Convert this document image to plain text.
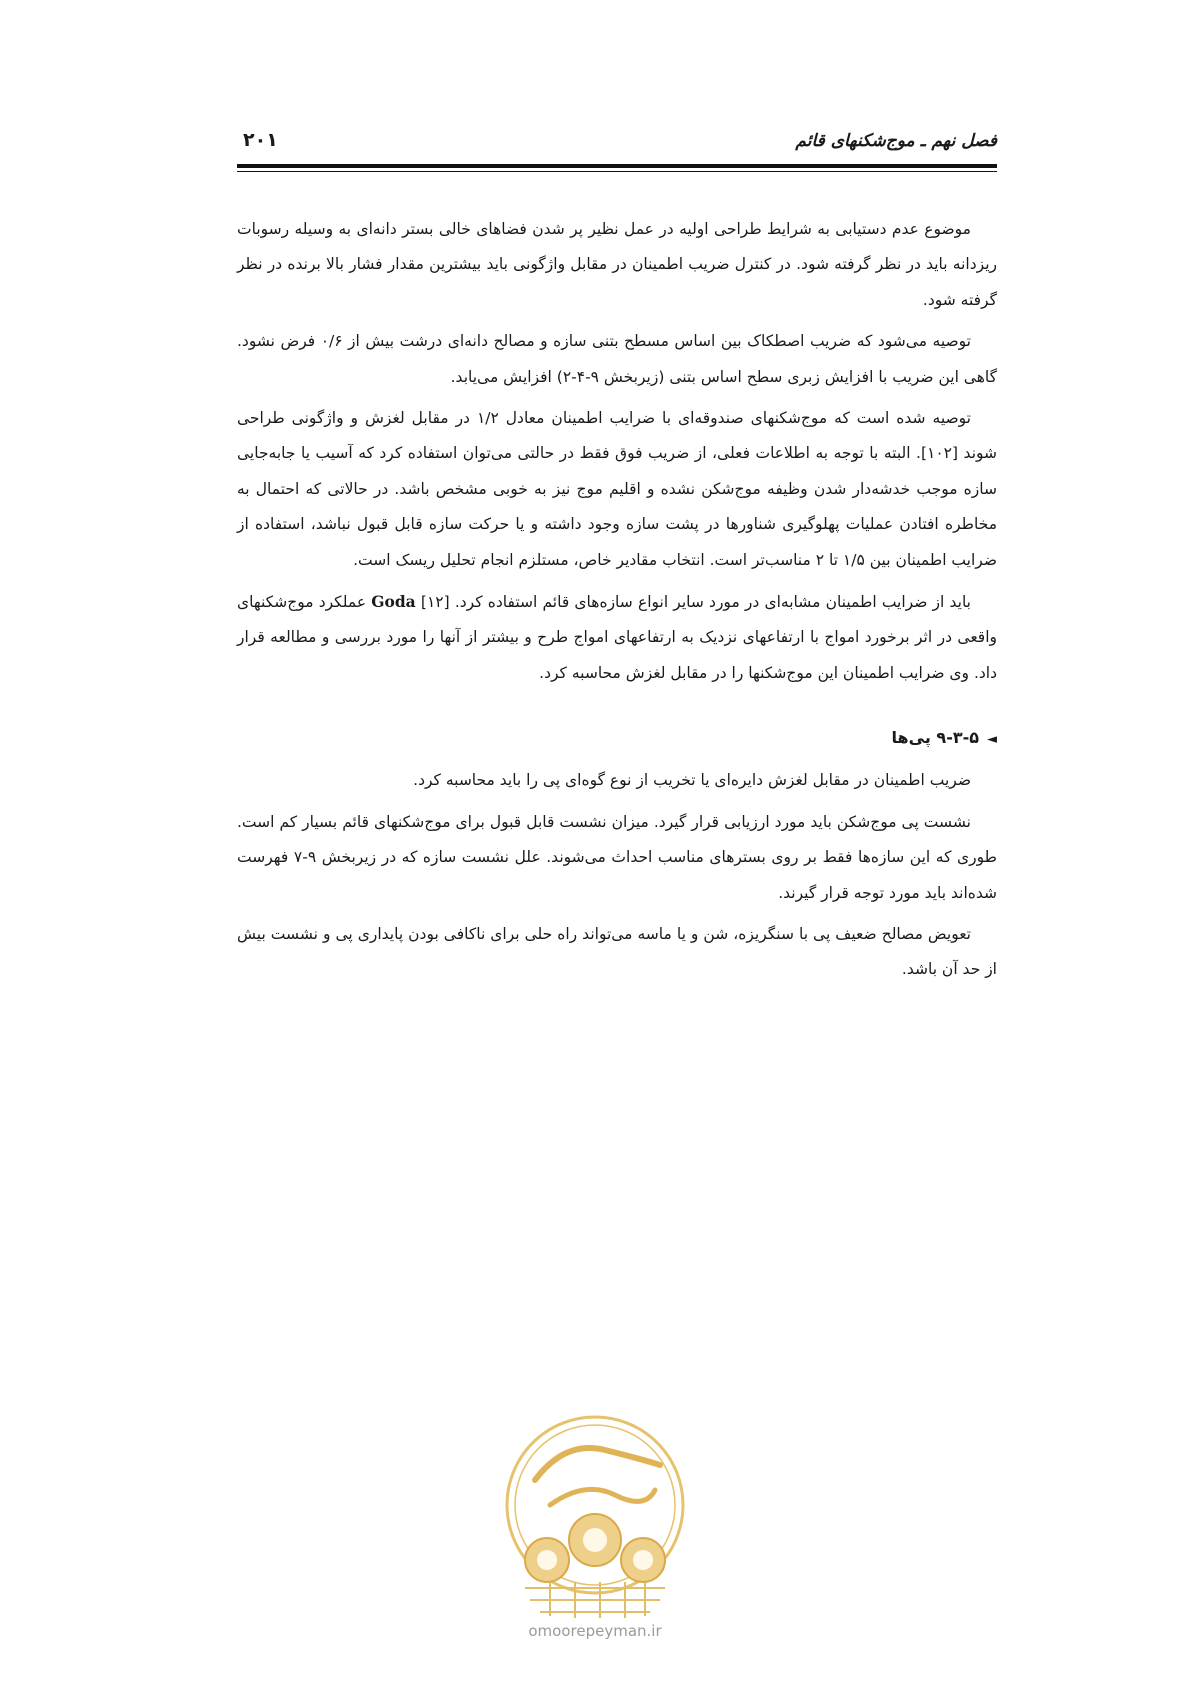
فصل نهم ـ موج‌شکنهای قائم
۲۰۱

موضوع عدم دستیابی به شرایط طراحی اولیه در عمل نظیر پر شدن فضاهای خالی بستر دانه‌ای به وسیله رسوبات ریزدانه باید در نظر گرفته شود. در کنترل ضریب اطمینان در مقابل واژگونی باید بیشترین مقدار فشار بالا برنده در نظر گرفته شود.

توصیه می‌شود که ضریب اصطکاک بین اساس مسطح بتنی سازه و مصالح دانه‌ای درشت بیش از ۰/۶ فرض نشود. گاهی این ضریب با افزایش زبری سطح اساس بتنی (زیربخش ۹-۴-۲) افزایش می‌یابد.

توصیه شده است که موج‌شکنهای صندوقه‌ای با ضرایب اطمینان معادل ۱/۲ در مقابل لغزش و واژگونی طراحی شوند [۱۰۲]. البته با توجه به اطلاعات فعلی، از ضریب فوق فقط در حالتی می‌توان استفاده کرد که آسیب یا جابه‌جایی سازه موجب خدشه‌دار شدن وظیفه موج‌شکن نشده و اقلیم موج نیز به خوبی مشخص باشد. در حالاتی که احتمال به مخاطره افتادن عملیات پهلوگیری شناورها در پشت سازه وجود داشته و یا حرکت سازه قابل قبول نباشد، استفاده از ضرایب اطمینان بین ۱/۵ تا ۲ مناسب‌تر است. انتخاب مقادیر خاص، مستلزم انجام تحلیل ریسک است.

باید از ضرایب اطمینان مشابه‌ای در مورد سایر انواع سازه‌های قائم استفاده کرد. Goda [۱۲] عملکرد موج‌شکنهای واقعی در اثر برخورد امواج با ارتفاعهای نزدیک به ارتفاعهای امواج طرح و بیشتر از آنها را مورد بررسی و مطالعه قرار داد. وی ضرایب اطمینان این موج‌شکنها را در مقابل لغزش محاسبه کرد.

◄۹-۳-۵ پی‌ها

ضریب اطمینان در مقابل لغزش دایره‌ای یا تخریب از نوع گوه‌ای پی را باید محاسبه کرد.

نشست پی موج‌شکن باید مورد ارزیابی قرار گیرد. میزان نشست قابل قبول برای موج‌شکنهای قائم بسیار کم است. طوری که این سازه‌ها فقط بر روی بسترهای مناسب احداث می‌شوند. علل نشست سازه که در زیربخش ۹-۷ فهرست شده‌اند باید مورد توجه قرار گیرند.

تعویض مصالح ضعیف پی با سنگریزه، شن و یا ماسه می‌تواند راه حلی برای ناکافی بودن پایداری پی و نشست بیش از حد آن باشد.

omoorepeyman.ir
